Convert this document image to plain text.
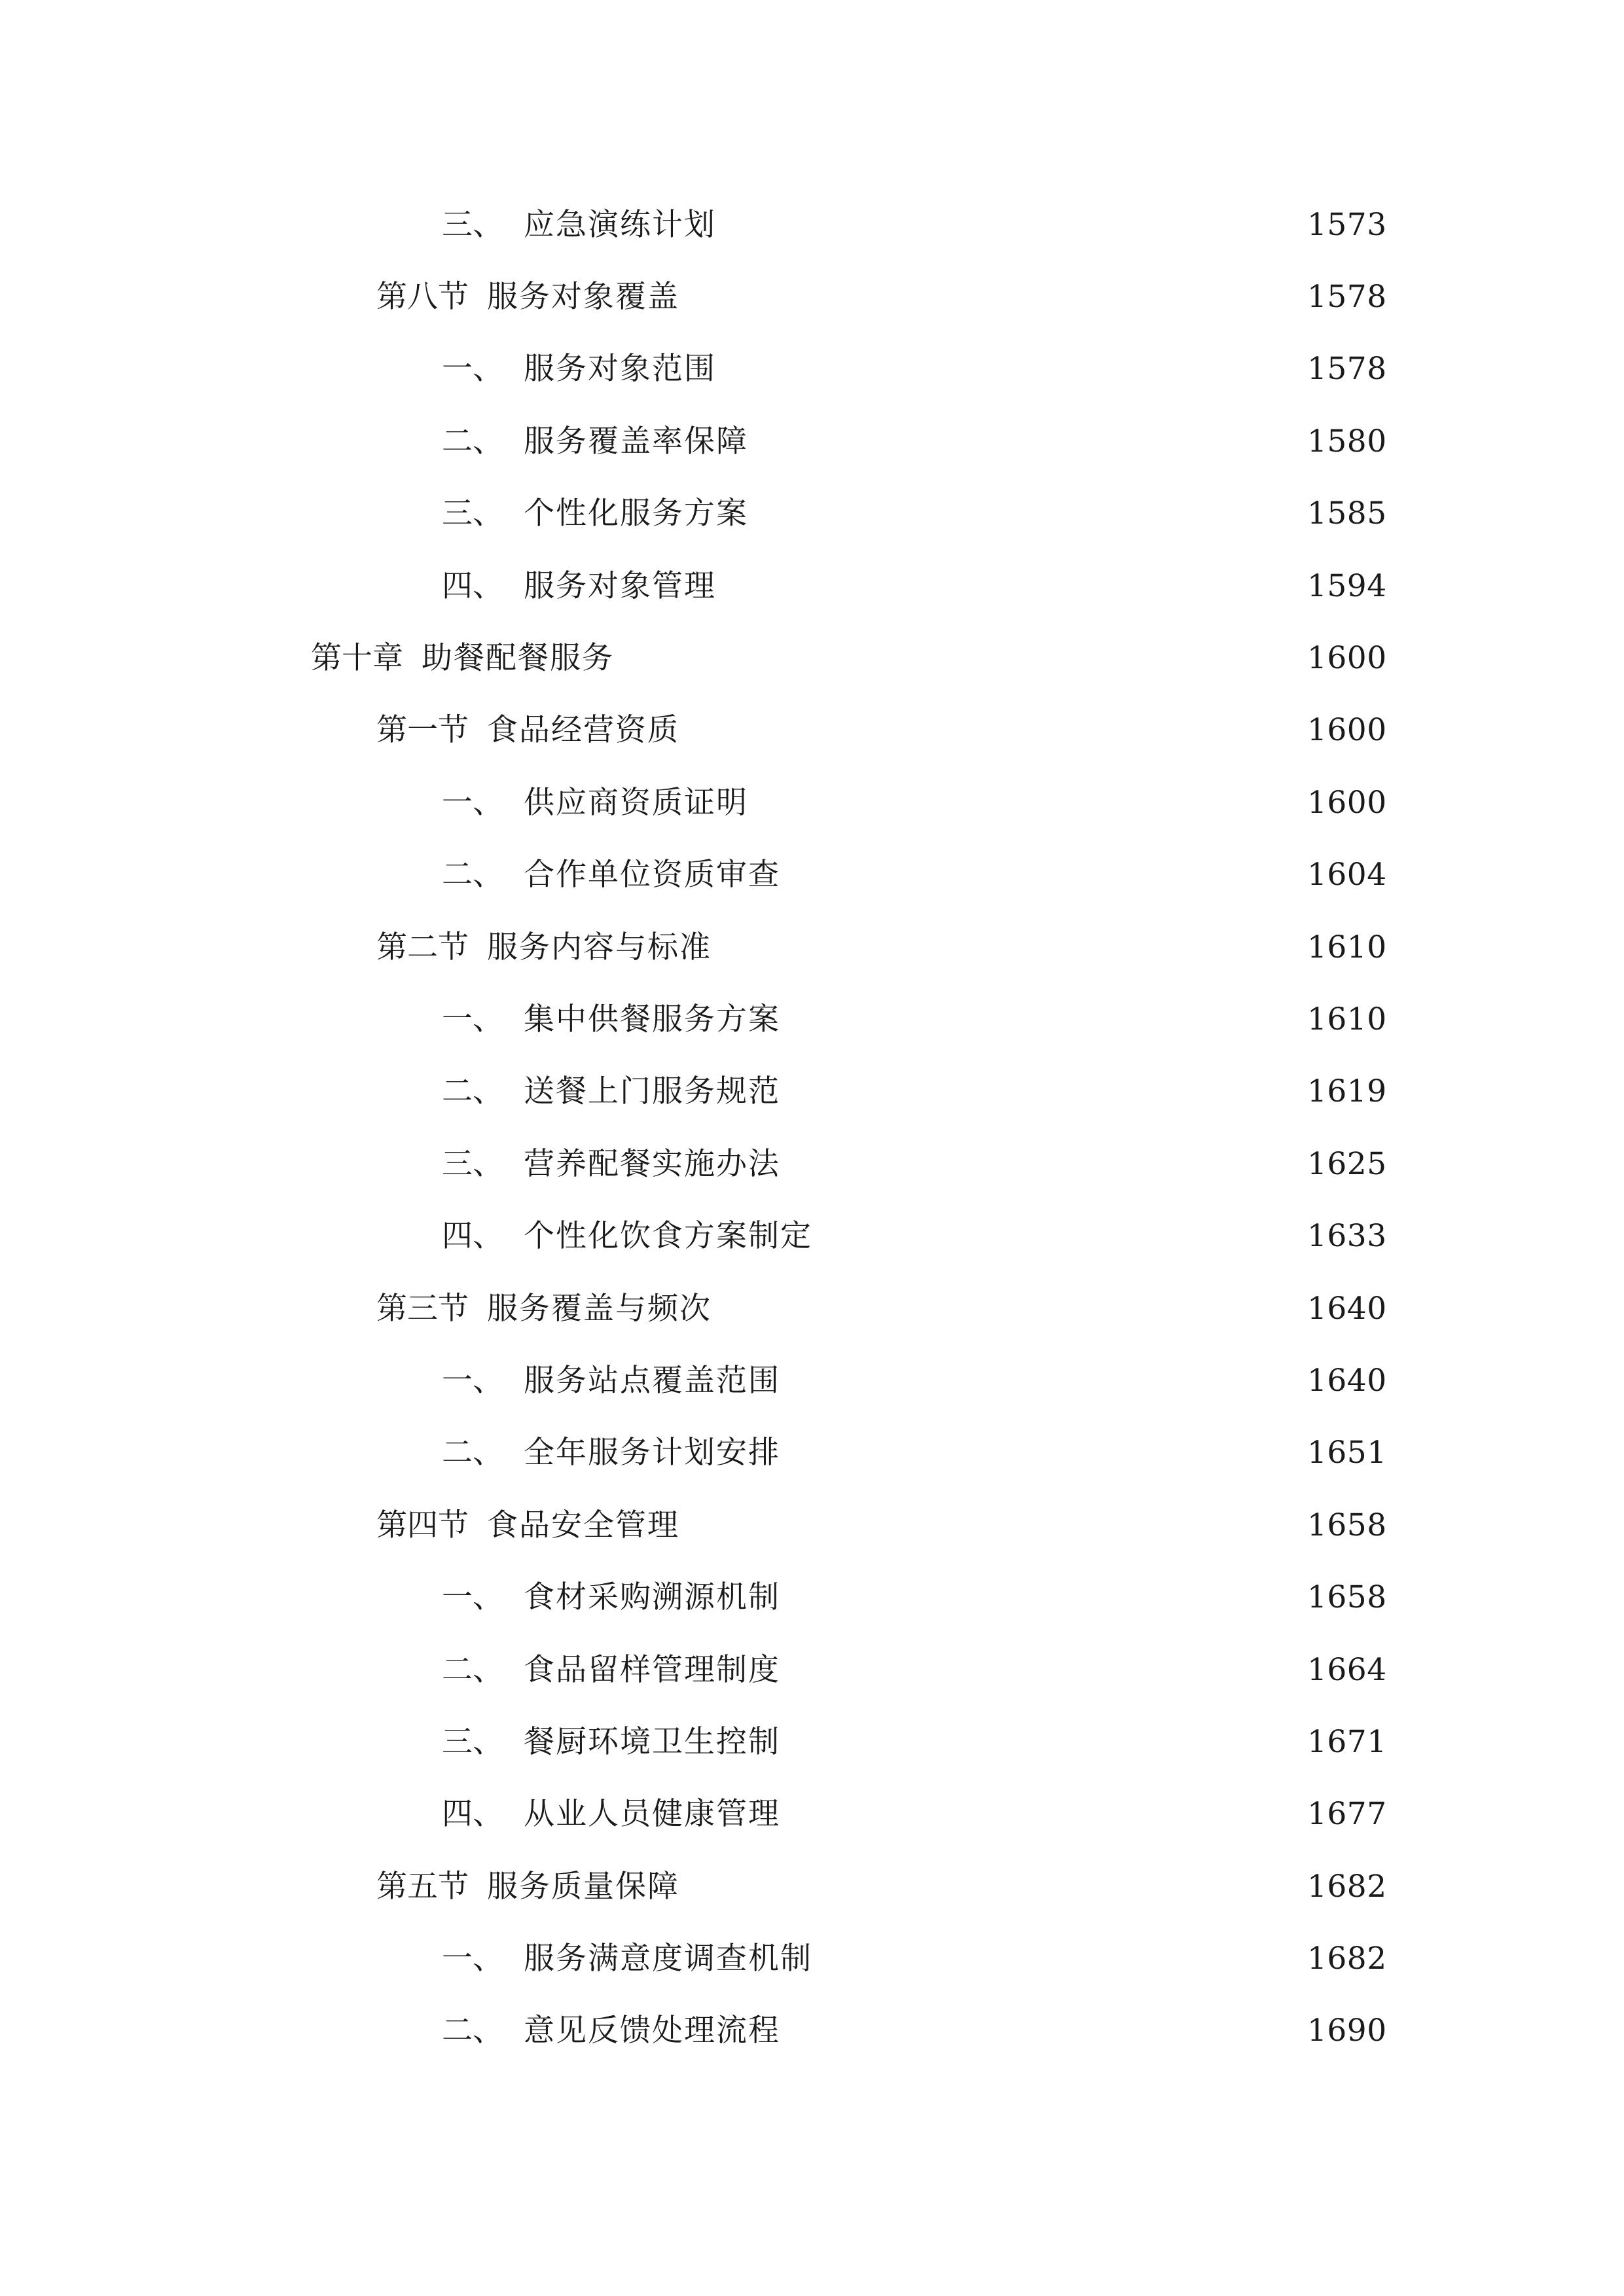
三、 应急演练计划	1573
第八节 服务对象覆盖	1578
一、 服务对象范围	1578
二、 服务覆盖率保障	1580
三、 个性化服务方案	1585
四、 服务对象管理	1594
第十章 助餐配餐服务	1600
第一节 食品经营资质	1600
一、 供应商资质证明	1600
二、 合作单位资质审查	1604
第二节 服务内容与标准	1610
一、 集中供餐服务方案	1610
二、 送餐上门服务规范	1619
三、 营养配餐实施办法	1625
四、 个性化饮食方案制定	1633
第三节 服务覆盖与频次	1640
一、 服务站点覆盖范围	1640
二、 全年服务计划安排	1651
第四节 食品安全管理	1658
一、 食材采购溯源机制	1658
二、 食品留样管理制度	1664
三、 餐厨环境卫生控制	1671
四、 从业人员健康管理	1677
第五节 服务质量保障	1682
一、 服务满意度调查机制	1682
二、 意见反馈处理流程	1690
